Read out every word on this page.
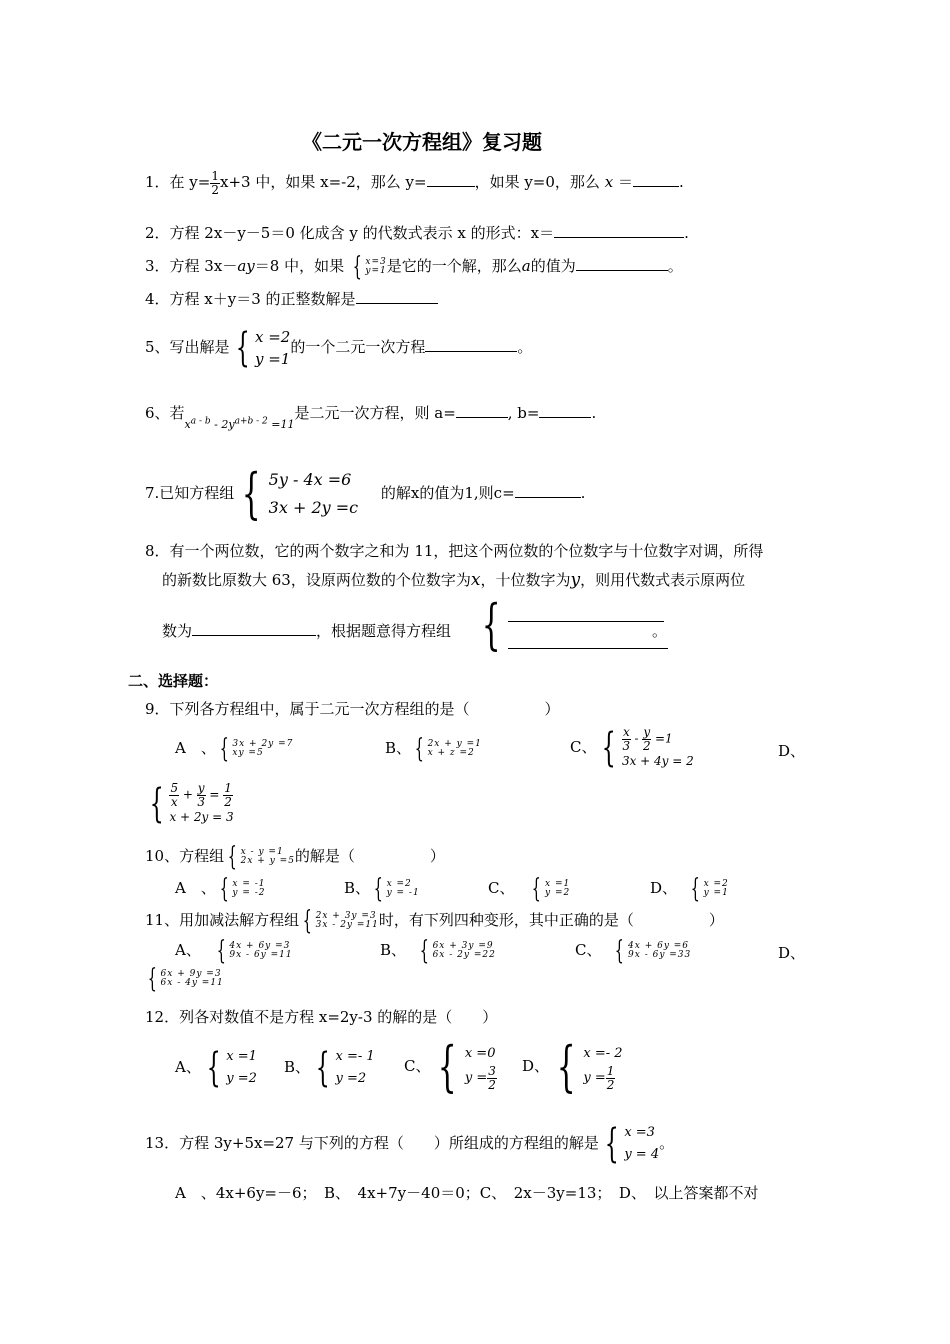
《二元一次方程组》复习题
1．在 $y= \frac{1}{2} x+3$ 中，如果 x=-2，那么 y=	，如果 y=0，那么 x ＝	.
2．方程 2x－y－5＝0 化成含 y 的代数式表示 x 的形式：x＝	.
3．方程 3x－ay＝8 中，如果 { x=3
y=1 是它的一个解，那么a的值为	。
4．方程 x＋y＝3 的正整数解是
5、写出解是 { x =2
y =1
的一个二元一次方程	。
6、若$_{x^{a - b} - 2y^{a+b - 2} =11}$是二元一次方程，则 a=	, b=	.
7.已知方程组 { 5y - 4x =6
3x + 2y =c
的解x的值为1,则c=	.
8．有一个两位数，它的两个数字之和为 11，把这个两位数的个位数字与十位数字对调，所得
的新数比原数大 63，设原两位数的个位数字为x，十位数字为y，则用代数式表示原两位
数为	，根据题意得方程组 {	。
二、选择题：
9．下列各方程组中，属于二元一次方程组的是（　　　　　）
A　、 { 3x + 2y =7
xy =5	B、 { 2x + y =1
x + z =2	C、 { $\frac{x}{3} - \frac{y}{2} =1$
3x + 4y = 2
D、
{ $\frac{5}{x} + \frac{y}{3} = \frac{1}{2}$
x + 2y = 3
10、方程组 { x - y =1
2x + y =5 的解是（　　　　　）
A　、 { x = -1
y = -2	B、 { x =2
y = -1	C、 { x =1
y =2	D、 { x =2
y =1
11、用加减法解方程组 { 2x + 3y =3
3x - 2y =11 时，有下列四种变形，其中正确的是（　　　　　）
A、 { 4x + 6y =3
9x - 6y =11	B、 { 6x + 3y =9
6x - 2y =22	C、 { 4x + 6y =6
9x - 6y =33	D、
{ 6x + 9y =3
6x - 4y =11
12．列各对数值不是方程 x=2y-3 的解的是（　　）
A、 { x =1
y =2
B、 { x =- 1
y =2
C、 { x =0
$y = \frac{3}{2}$ D、 { x =- 2
$y = \frac{1}{2}$
13．方程 3y+5x=27 与下列的方程（　　）所组成的方程组的解是 { x =3
y = 4
。
A　、4x+6y=－6；　B、　4x+7y－40＝0；C、　2x－3y=13；　D、　以上答案都不对
